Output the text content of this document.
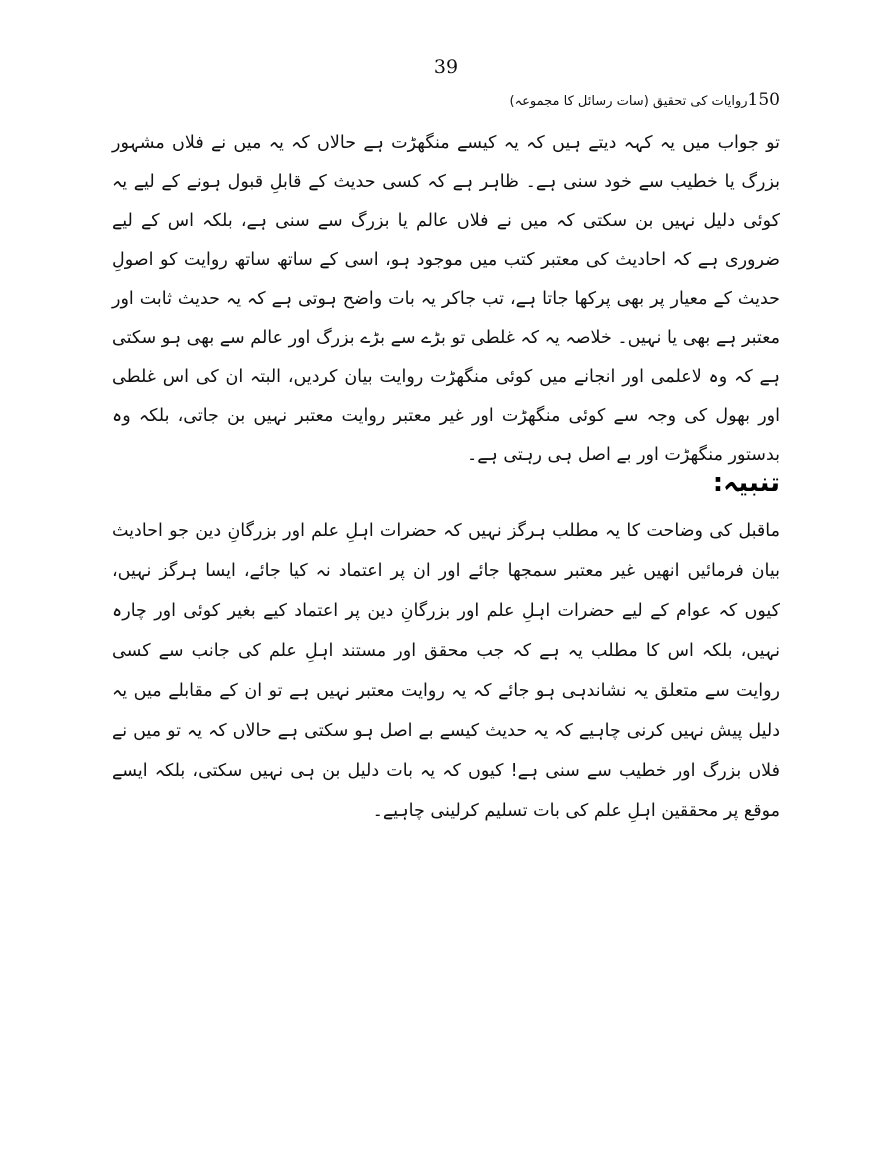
39
150روایات کی تحقیق (سات رسائل کا مجموعہ)

تو جواب میں یہ کہہ دیتے ہیں کہ یہ کیسے منگھڑت ہے حالاں کہ یہ میں نے فلاں مشہور بزرگ یا خطیب سے خود سنی ہے۔ ظاہر ہے کہ کسی حدیث کے قابلِ قبول ہونے کے لیے یہ کوئی دلیل نہیں بن سکتی کہ میں نے فلاں عالم یا بزرگ سے سنی ہے، بلکہ اس کے لیے ضروری ہے کہ احادیث کی معتبر کتب میں موجود ہو، اسی کے ساتھ ساتھ روایت کو اصولِ حدیث کے معیار پر بھی پرکھا جاتا ہے، تب جاکر یہ بات واضح ہوتی ہے کہ یہ حدیث ثابت اور معتبر ہے بھی یا نہیں۔ خلاصہ یہ کہ غلطی تو بڑے سے بڑے بزرگ اور عالم سے بھی ہو سکتی ہے کہ وہ لاعلمی اور انجانے میں کوئی منگھڑت روایت بیان کردیں، البتہ ان کی اس غلطی اور بھول کی وجہ سے کوئی منگھڑت اور غیر معتبر روایت معتبر نہیں بن جاتی، بلکہ وہ بدستور منگھڑت اور بے اصل ہی رہتی ہے۔

تنبیہ:

ماقبل کی وضاحت کا یہ مطلب ہرگز نہیں کہ حضرات اہلِ علم اور بزرگانِ دین جو احادیث بیان فرمائیں انھیں غیر معتبر سمجھا جائے اور ان پر اعتماد نہ کیا جائے، ایسا ہرگز نہیں، کیوں کہ عوام کے لیے حضرات اہلِ علم اور بزرگانِ دین پر اعتماد کیے بغیر کوئی اور چارہ نہیں، بلکہ اس کا مطلب یہ ہے کہ جب محقق اور مستند اہلِ علم کی جانب سے کسی روایت سے متعلق یہ نشاندہی ہو جائے کہ یہ روایت معتبر نہیں ہے تو ان کے مقابلے میں یہ دلیل پیش نہیں کرنی چاہیے کہ یہ حدیث کیسے بے اصل ہو سکتی ہے حالاں کہ یہ تو میں نے فلاں بزرگ اور خطیب سے سنی ہے! کیوں کہ یہ بات دلیل بن ہی نہیں سکتی، بلکہ ایسے موقع پر محققین اہلِ علم کی بات تسلیم کرلینی چاہیے۔
